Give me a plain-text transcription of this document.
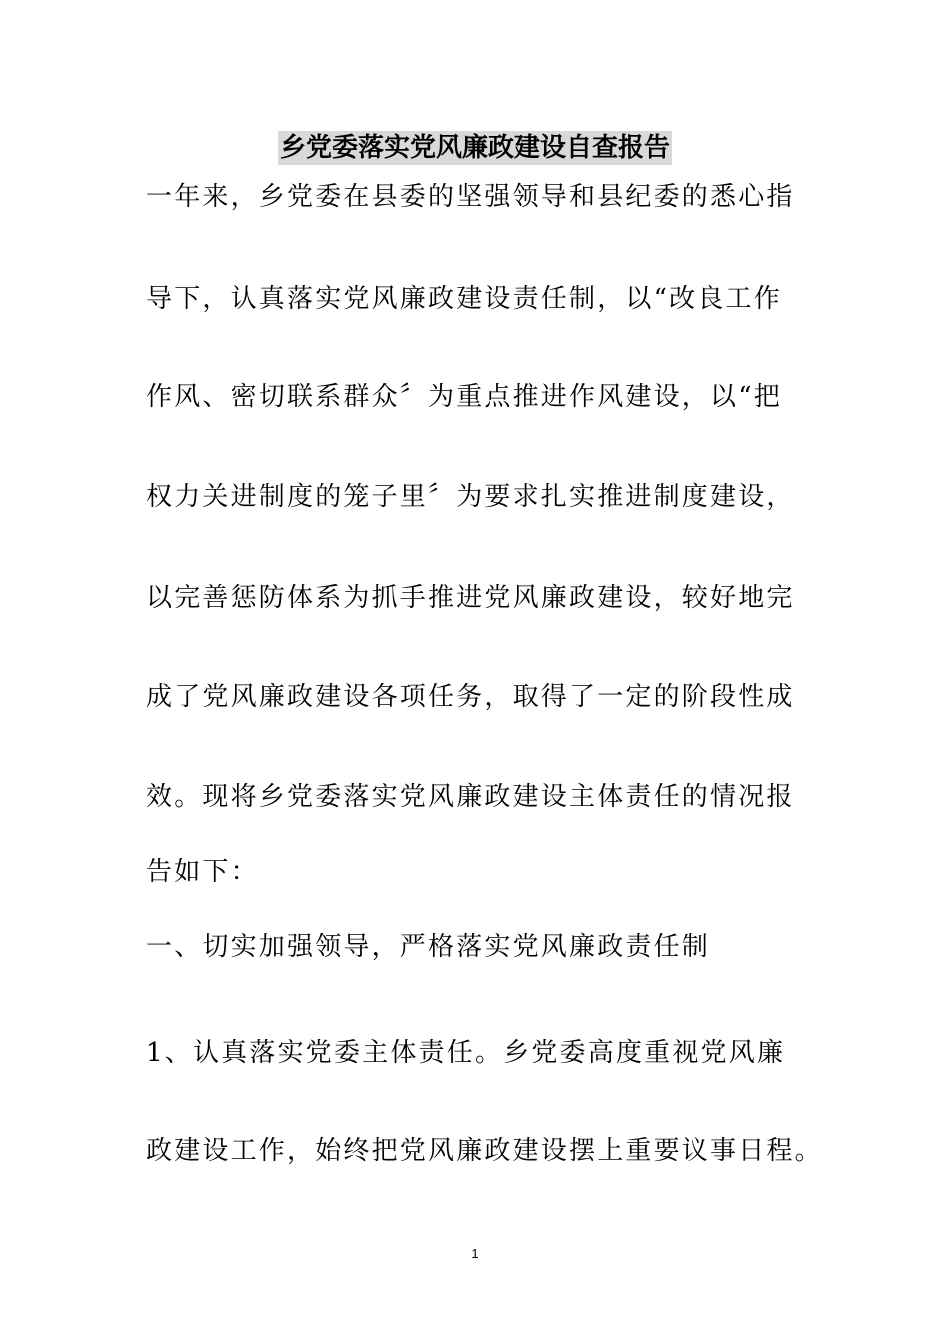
乡党委落实党风廉政建设自查报告
一年来，乡党委在县委的坚强领导和县纪委的悉心指
导下，认真落实党风廉政建设责任制，以“改良工作
作风、密切联系群众〞为重点推进作风建设，以“把
权力关进制度的笼子里〞为要求扎实推进制度建设，
以完善惩防体系为抓手推进党风廉政建设，较好地完
成了党风廉政建设各项任务，取得了一定的阶段性成
效。现将乡党委落实党风廉政建设主体责任的情况报
告如下：
一、切实加强领导，严格落实党风廉政责任制
1、认真落实党委主体责任。乡党委高度重视党风廉
政建设工作，始终把党风廉政建设摆上重要议事日程。
1
